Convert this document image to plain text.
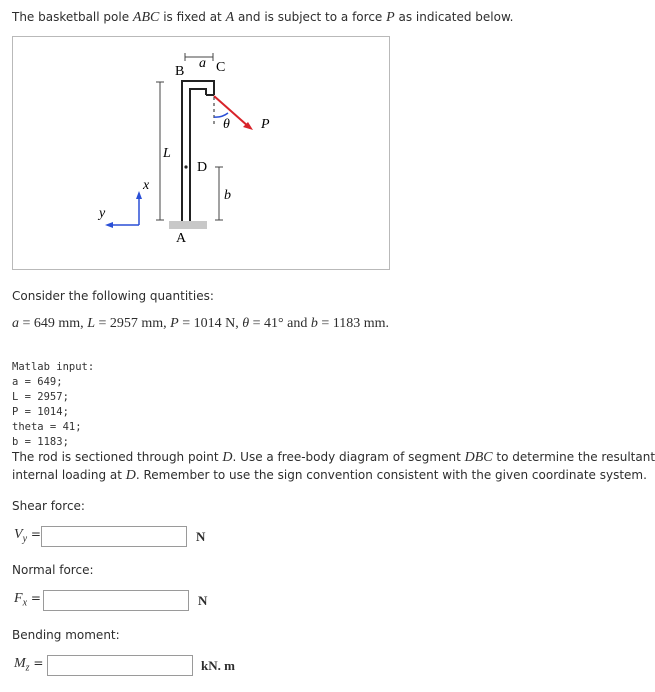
The basketball pole ABC is fixed at A and is subject to a force P as indicated below.
B
a C
θ P
L
D
b
x
y
A
Consider the following quantities:
a = 649 mm, L = 2957 mm, P = 1014 N, θ = 41° and b = 1183 mm.

Matlab input:
a = 649;
L = 2957;
P = 1014;
theta = 41;
b = 1183;

The rod is sectioned through point D. Use a free-body diagram of segment DBC to determine the resultant
internal loading at D. Remember to use the sign convention consistent with the given coordinate system.
Shear force:
$V_y$ =	N
Normal force:
$F_x$ =	N
Bending moment:
$M_z$ =	kN. m
